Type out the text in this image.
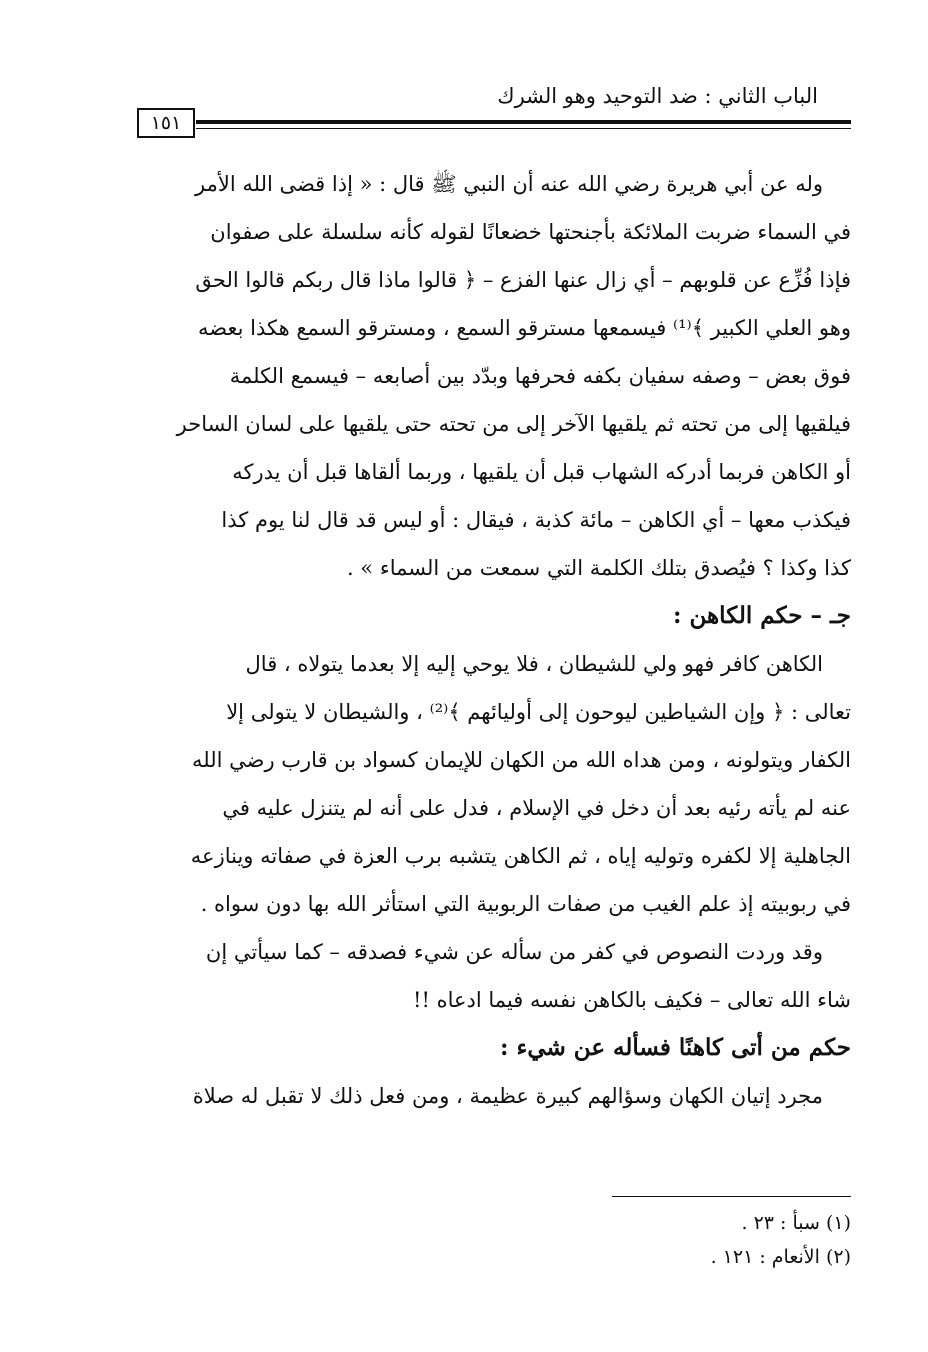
الباب الثاني : ضد التوحيد وهو الشرك
١٥١
وله عن أبي هريرة رضي الله عنه أن النبي ﷺ قال : « إذا قضى الله الأمر
في السماء ضربت الملائكة بأجنحتها خضعانًا لقوله كأنه سلسلة على صفوان
فإذا فُزِّع عن قلوبهم – أي زال عنها الفزع – ﴿ قالوا ماذا قال ربكم قالوا الحق
وهو العلي الكبير ﴾⁽¹⁾ فيسمعها مسترقو السمع ، ومسترقو السمع هكذا بعضه
فوق بعض – وصفه سفيان بكفه فحرفها وبدّد بين أصابعه – فيسمع الكلمة
فيلقيها إلى من تحته ثم يلقيها الآخر إلى من تحته حتى يلقيها على لسان الساحر
أو الكاهن فربما أدركه الشهاب قبل أن يلقيها ، وربما ألقاها قبل أن يدركه
فيكذب معها – أي الكاهن – مائة كذبة ، فيقال : أو ليس قد قال لنا يوم كذا
كذا وكذا ؟ فيُصدق بتلك الكلمة التي سمعت من السماء » .
جـ – حكم الكاهن :
الكاهن كافر فهو ولي للشيطان ، فلا يوحي إليه إلا بعدما يتولاه ، قال
تعالى : ﴿ وإن الشياطين ليوحون إلى أوليائهم ﴾⁽²⁾ ، والشيطان لا يتولى إلا
الكفار ويتولونه ، ومن هداه الله من الكهان للإيمان كسواد بن قارب رضي الله
عنه لم يأته رئيه بعد أن دخل في الإسلام ، فدل على أنه لم يتنزل عليه في
الجاهلية إلا لكفره وتوليه إياه ، ثم الكاهن يتشبه برب العزة في صفاته وينازعه
في ربوبيته إذ علم الغيب من صفات الربوبية التي استأثر الله بها دون سواه .
وقد وردت النصوص في كفر من سأله عن شيء فصدقه – كما سيأتي إن
شاء الله تعالى – فكيف بالكاهن نفسه فيما ادعاه !!
حكم من أتى كاهنًا فسأله عن شيء :
مجرد إتيان الكهان وسؤالهم كبيرة عظيمة ، ومن فعل ذلك لا تقبل له صلاة
(١) سبأ : ٢٣ .
(٢) الأنعام : ١٢١ .
